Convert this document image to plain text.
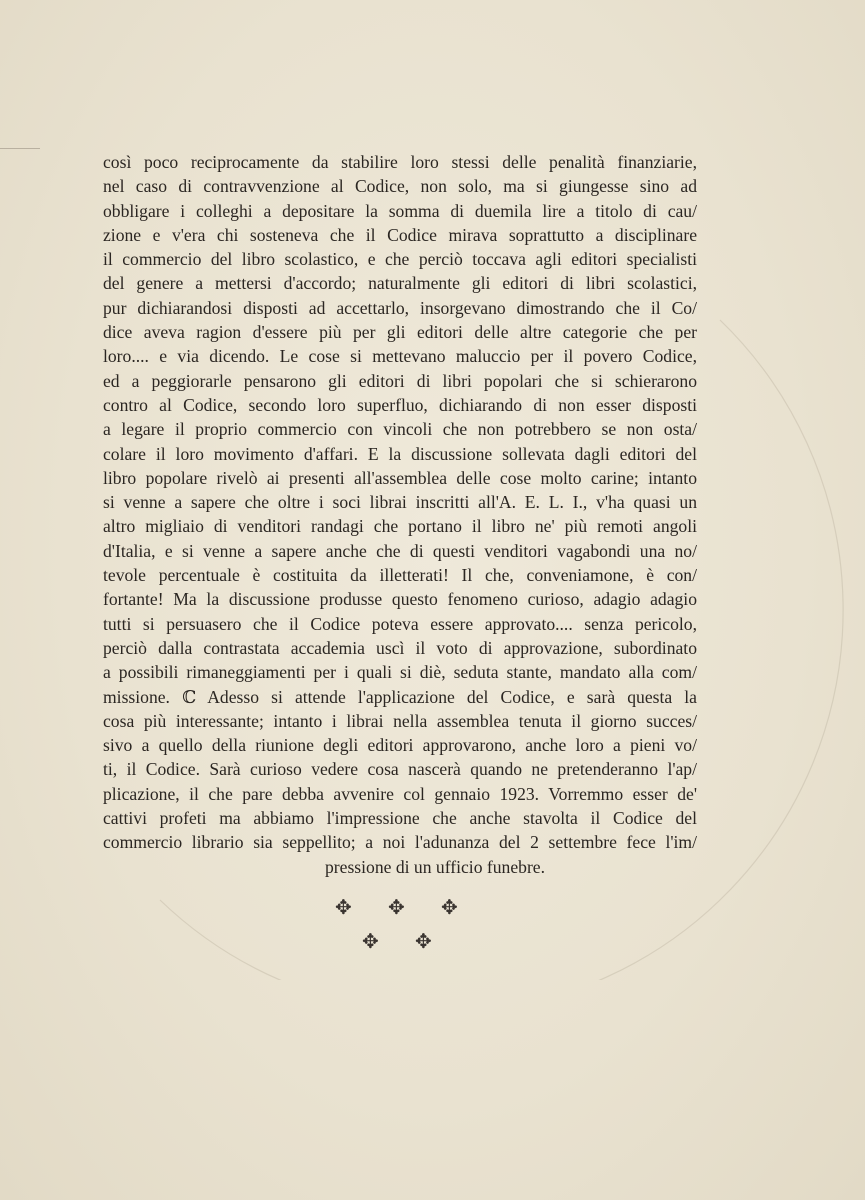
così poco reciprocamente da stabilire loro stessi delle penalità finanziarie,
nel caso di contravvenzione al Codice, non solo, ma si giungesse sino ad
obbligare i colleghi a depositare la somma di duemila lire a titolo di cau/
zione e v'era chi sosteneva che il Codice mirava soprattutto a disciplinare
il commercio del libro scolastico, e che perciò toccava agli editori specialisti
del genere a mettersi d'accordo; naturalmente gli editori di libri scolastici,
pur dichiarandosi disposti ad accettarlo, insorgevano dimostrando che il Co/
dice aveva ragion d'essere più per gli editori delle altre categorie che per
loro.... e via dicendo. Le cose si mettevano maluccio per il povero Codice,
ed a peggiorarle pensarono gli editori di libri popolari che si schierarono
contro al Codice, secondo loro superfluo, dichiarando di non esser disposti
a legare il proprio commercio con vincoli che non potrebbero se non osta/
colare il loro movimento d'affari. E la discussione sollevata dagli editori del
libro popolare rivelò ai presenti all'assemblea delle cose molto carine; intanto
si venne a sapere che oltre i soci librai inscritti all'A. E. L. I., v'ha quasi un
altro migliaio di venditori randagi che portano il libro ne' più remoti angoli
d'Italia, e si venne a sapere anche che di questi venditori vagabondi una no/
tevole percentuale è costituita da illetterati! Il che, conveniamone, è con/
fortante! Ma la discussione produsse questo fenomeno curioso, adagio adagio
tutti si persuasero che il Codice poteva essere approvato.... senza pericolo,
perciò dalla contrastata accademia uscì il voto di approvazione, subordinato
a possibili rimaneggiamenti per i quali si diè, seduta stante, mandato alla com/
missione. ℂ Adesso si attende l'applicazione del Codice, e sarà questa la
cosa più interessante; intanto i librai nella assemblea tenuta il giorno succes/
sivo a quello della riunione degli editori approvarono, anche loro a pieni vo/
ti, il Codice. Sarà curioso vedere cosa nascerà quando ne pretenderanno l'ap/
plicazione, il che pare debba avvenire col gennaio 1923. Vorremmo esser de'
cattivi profeti ma abbiamo l'impressione che anche stavolta il Codice del
commercio librario sia seppellito; a noi l'adunanza del 2 settembre fece l'im/
pressione di un ufficio funebre.
✥ ✥ ✥
✥ ✥
